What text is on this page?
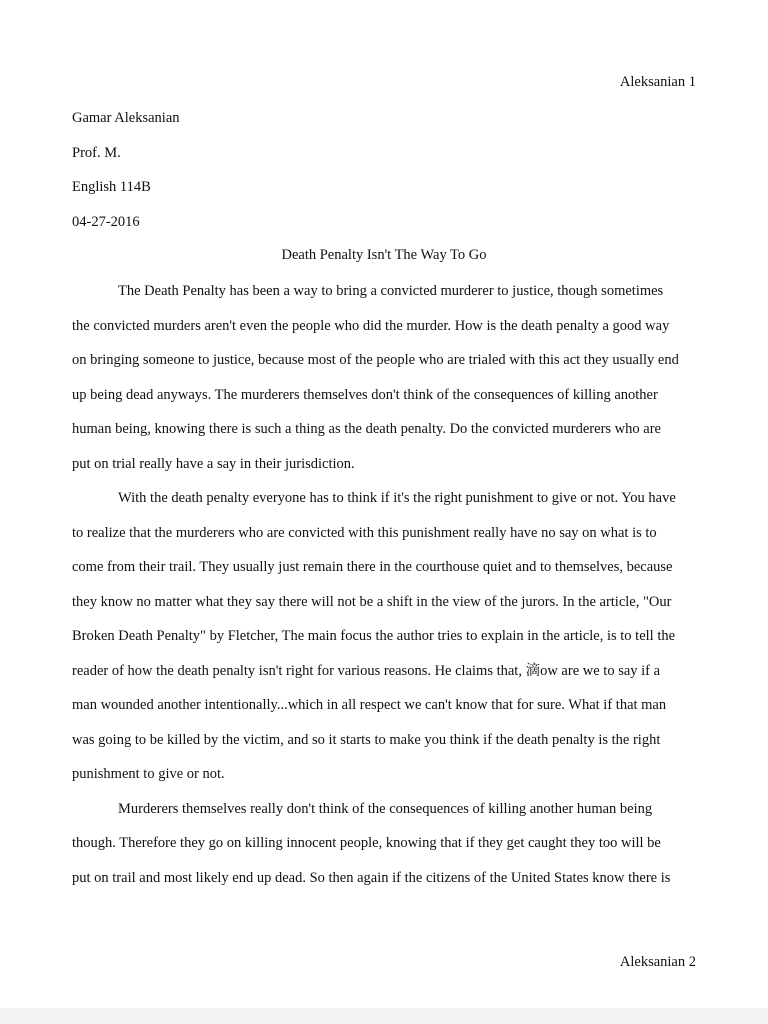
Aleksanian 1
Gamar Aleksanian
Prof. M.
English 114B
04-27-2016
Death Penalty Isn't The Way To Go
The Death Penalty has been a way to bring a convicted murderer to justice, though sometimes
the convicted murders aren't even the people who did the murder. How is the death penalty a good way
on bringing someone to justice, because most of the people who are trialed with this act they usually end
up being dead anyways. The murderers themselves don't think of the consequences of killing another
human being, knowing there is such a thing as the death penalty. Do the convicted murderers who are
put on trial really have a say in their jurisdiction.
With the death penalty everyone has to think if it's the right punishment to give or not. You have
to realize that the murderers who are convicted with this punishment really have no say on what is to
come from their trail. They usually just remain there in the courthouse quiet and to themselves, because
they know no matter what they say there will not be a shift in the view of the jurors. In the article, "Our
Broken Death Penalty" by Fletcher, The main focus the author tries to explain in the article, is to tell the
reader of how the death penalty isn't right for various reasons. He claims that, 滴ow are we to say if a
man wounded another intentionally...which in all respect we can't know that for sure. What if that man
was going to be killed by the victim, and so it starts to make you think if the death penalty is the right
punishment to give or not.
Murderers themselves really don't think of the consequences of killing another human being
though. Therefore they go on killing innocent people, knowing that if they get caught they too will be
put on trail and most likely end up dead. So then again if the citizens of the United States know there is
Aleksanian 2
